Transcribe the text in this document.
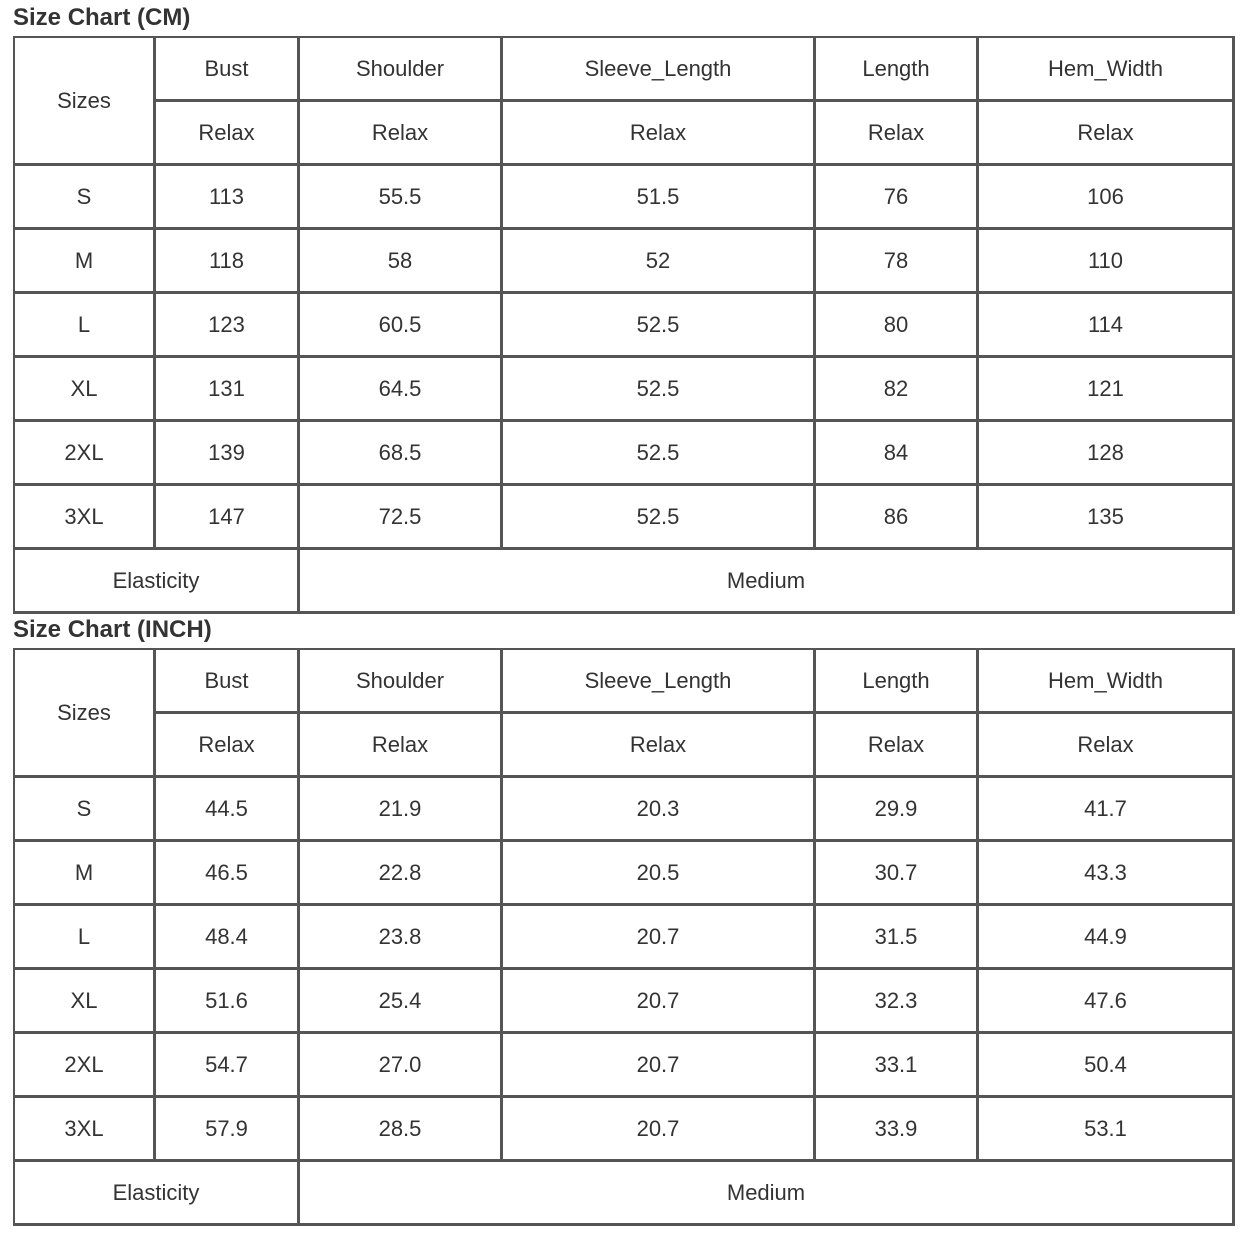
Size Chart (CM)
Sizes	Bust	Shoulder	Sleeve_Length	Length	Hem_Width
	Relax	Relax	Relax	Relax	Relax
S	113	55.5	51.5	76	106
M	118	58	52	78	110
L	123	60.5	52.5	80	114
XL	131	64.5	52.5	82	121
2XL	139	68.5	52.5	84	128
3XL	147	72.5	52.5	86	135
Elasticity		Medium			
Size Chart (INCH)
Sizes	Bust	Shoulder	Sleeve_Length	Length	Hem_Width
	Relax	Relax	Relax	Relax	Relax
S	44.5	21.9	20.3	29.9	41.7
M	46.5	22.8	20.5	30.7	43.3
L	48.4	23.8	20.7	31.5	44.9
XL	51.6	25.4	20.7	32.3	47.6
2XL	54.7	27.0	20.7	33.1	50.4
3XL	57.9	28.5	20.7	33.9	53.1
Elasticity		Medium			
